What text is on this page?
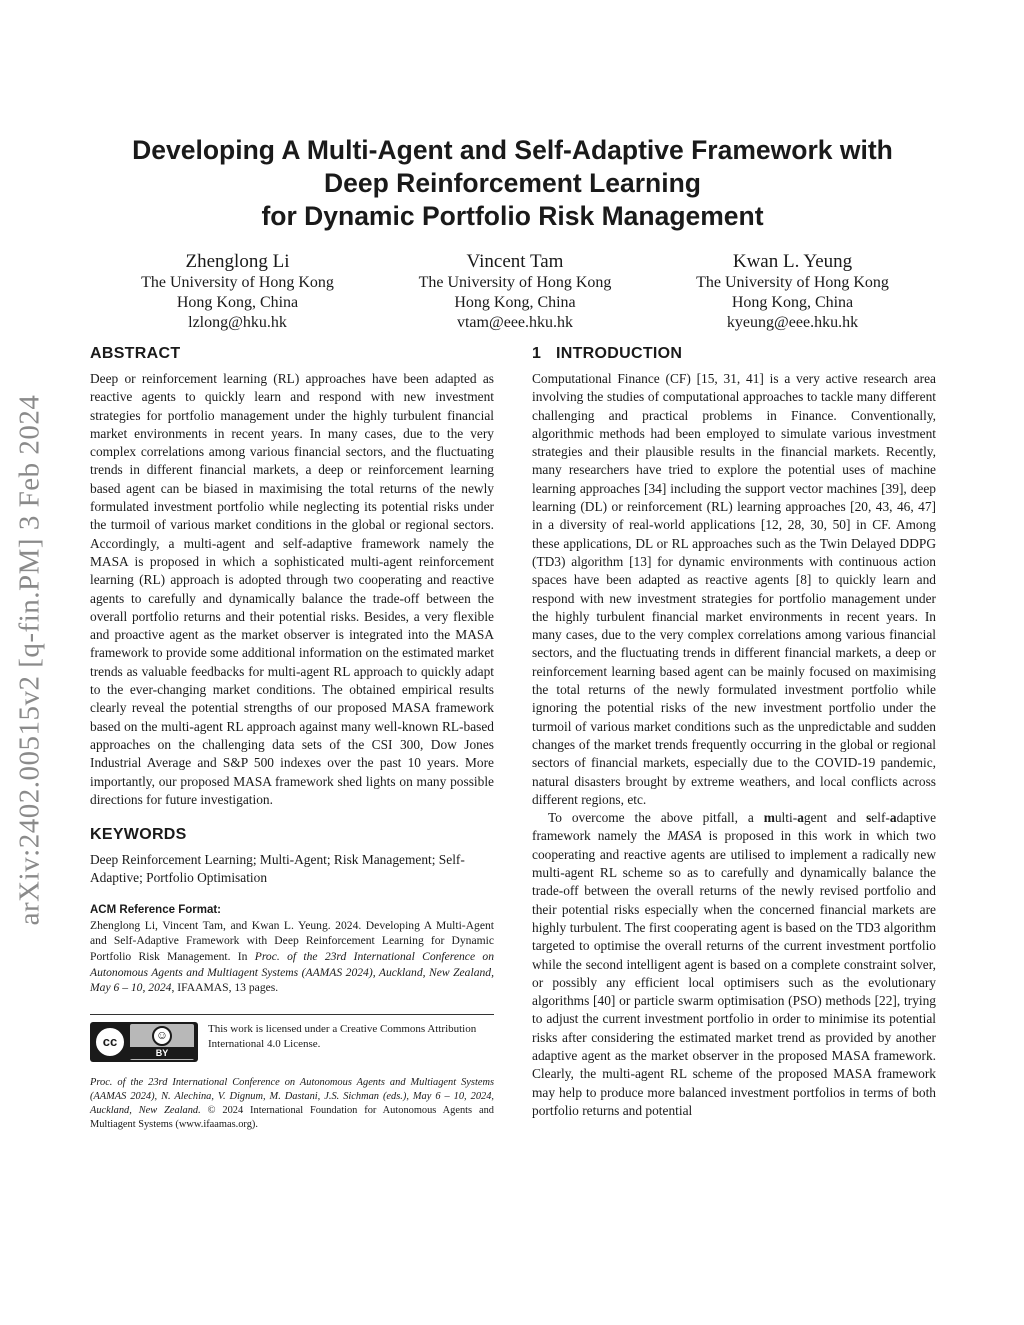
arXiv:2402.00515v2 [q-fin.PM] 3 Feb 2024
Developing A Multi-Agent and Self-Adaptive Framework with
Deep Reinforcement Learning
for Dynamic Portfolio Risk Management
Zhenglong Li
The University of Hong Kong
Hong Kong, China
lzlong@hku.hk
Vincent Tam
The University of Hong Kong
Hong Kong, China
vtam@eee.hku.hk
Kwan L. Yeung
The University of Hong Kong
Hong Kong, China
kyeung@eee.hku.hk
ABSTRACT

Deep or reinforcement learning (RL) approaches have been adapted as reactive agents to quickly learn and respond with new investment strategies for portfolio management under the highly turbulent financial market environments in recent years. In many cases, due to the very complex correlations among various financial sectors, and the fluctuating trends in different financial markets, a deep or reinforcement learning based agent can be biased in maximising the total returns of the newly formulated investment portfolio while neglecting its potential risks under the turmoil of various market conditions in the global or regional sectors. Accordingly, a multi-agent and self-adaptive framework namely the MASA is proposed in which a sophisticated multi-agent reinforcement learning (RL) approach is adopted through two cooperating and reactive agents to carefully and dynamically balance the trade-off between the overall portfolio returns and their potential risks. Besides, a very flexible and proactive agent as the market observer is integrated into the MASA framework to provide some additional information on the estimated market trends as valuable feedbacks for multi-agent RL approach to quickly adapt to the ever-changing market conditions. The obtained empirical results clearly reveal the potential strengths of our proposed MASA framework based on the multi-agent RL approach against many well-known RL-based approaches on the challenging data sets of the CSI 300, Dow Jones Industrial Average and S&P 500 indexes over the past 10 years. More importantly, our proposed MASA framework shed lights on many possible directions for future investigation.

KEYWORDS

Deep Reinforcement Learning; Multi-Agent; Risk Management; Self-Adaptive; Portfolio Optimisation

ACM Reference Format:
Zhenglong Li, Vincent Tam, and Kwan L. Yeung. 2024. Developing A Multi-Agent and Self-Adaptive Framework with Deep Reinforcement Learning for Dynamic Portfolio Risk Management. In Proc. of the 23rd International Conference on Autonomous Agents and Multiagent Systems (AAMAS 2024), Auckland, New Zealand, May 6 – 10, 2024, IFAAMAS, 13 pages.
cc	☺
BY
This work is licensed under a Creative Commons Attribution International 4.0 License.
Proc. of the 23rd International Conference on Autonomous Agents and Multiagent Systems (AAMAS 2024), N. Alechina, V. Dignum, M. Dastani, J.S. Sichman (eds.), May 6 – 10, 2024, Auckland, New Zealand. © 2024 International Foundation for Autonomous Agents and Multiagent Systems (www.ifaamas.org).
1 INTRODUCTION

Computational Finance (CF) [15, 31, 41] is a very active research area involving the studies of computational approaches to tackle many different challenging and practical problems in Finance. Conventionally, algorithmic methods had been employed to simulate various investment strategies and their plausible results in the financial markets. Recently, many researchers have tried to explore the potential uses of machine learning approaches [34] including the support vector machines [39], deep learning (DL) or reinforcement (RL) learning approaches [20, 43, 46, 47] in a diversity of real-world applications [12, 28, 30, 50] in CF. Among these applications, DL or RL approaches such as the Twin Delayed DDPG (TD3) algorithm [13] for dynamic environments with continuous action spaces have been adapted as reactive agents [8] to quickly learn and respond with new investment strategies for portfolio management under the highly turbulent financial market environments in recent years. In many cases, due to the very complex correlations among various financial sectors, and the fluctuating trends in different financial markets, a deep or reinforcement learning based agent can be mainly focused on maximising the total returns of the newly formulated investment portfolio while ignoring the potential risks of the new investment portfolio under the turmoil of various market conditions such as the unpredictable and sudden changes of the market trends frequently occurring in the global or regional sectors of financial markets, especially due to the COVID-19 pandemic, natural disasters brought by extreme weathers, and local conflicts across different regions, etc.

To overcome the above pitfall, a multi-agent and self-adaptive framework namely the MASA is proposed in this work in which two cooperating and reactive agents are utilised to implement a radically new multi-agent RL scheme so as to carefully and dynamically balance the trade-off between the overall returns of the newly revised portfolio and their potential risks especially when the concerned financial markets are highly turbulent. The first cooperating agent is based on the TD3 algorithm targeted to optimise the overall returns of the current investment portfolio while the second intelligent agent is based on a complete constraint solver, or possibly any efficient local optimisers such as the evolutionary algorithms [40] or particle swarm optimisation (PSO) methods [22], trying to adjust the current investment portfolio in order to minimise its potential risks after considering the estimated market trend as provided by another adaptive agent as the market observer in the proposed MASA framework. Clearly, the multi-agent RL scheme of the proposed MASA framework may help to produce more balanced investment portfolios in terms of both portfolio returns and potential
